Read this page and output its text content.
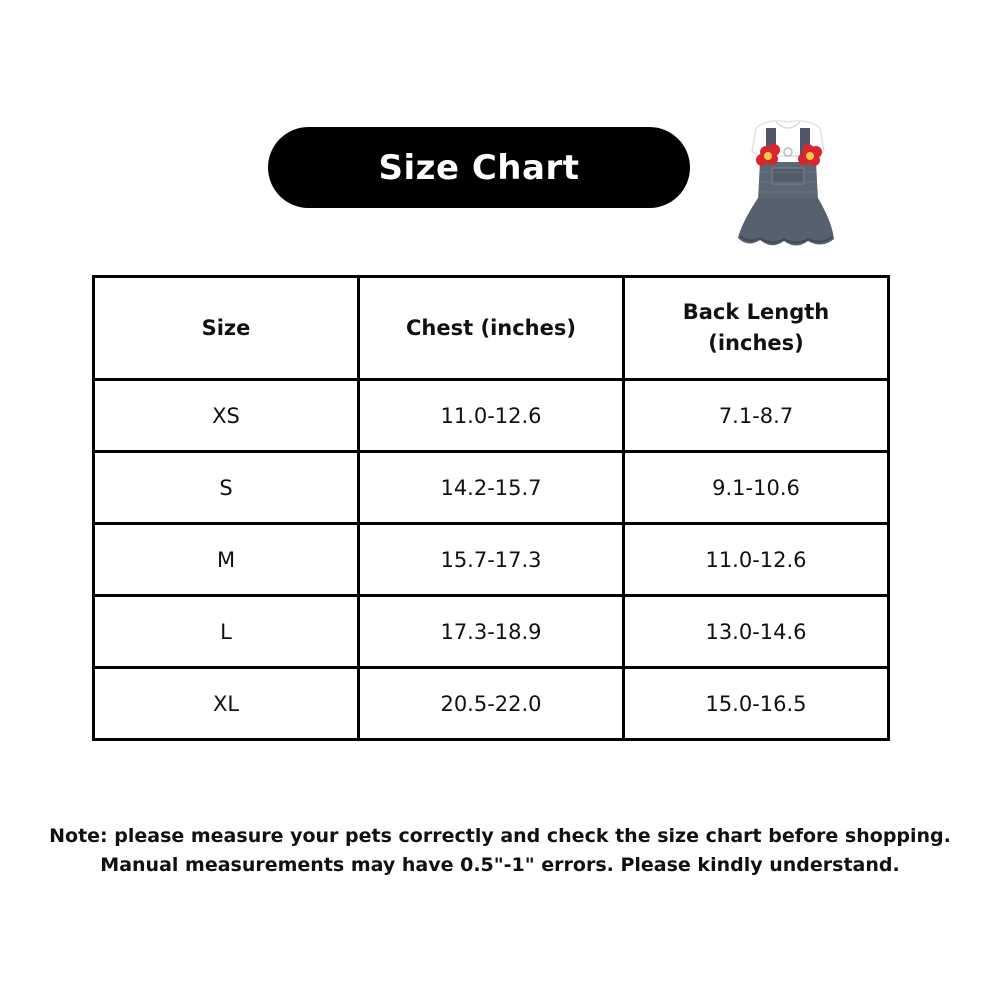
Size Chart
Size	Chest (inches)	Back Length
(inches)

XS	11.0-12.6	7.1-8.7
S	14.2-15.7	9.1-10.6
M	15.7-17.3	11.0-12.6
L	17.3-18.9	13.0-14.6
XL	20.5-22.0	15.0-16.5
Note: please measure your pets correctly and check the size chart before shopping.
Manual measurements may have 0.5"-1" errors. Please kindly understand.
